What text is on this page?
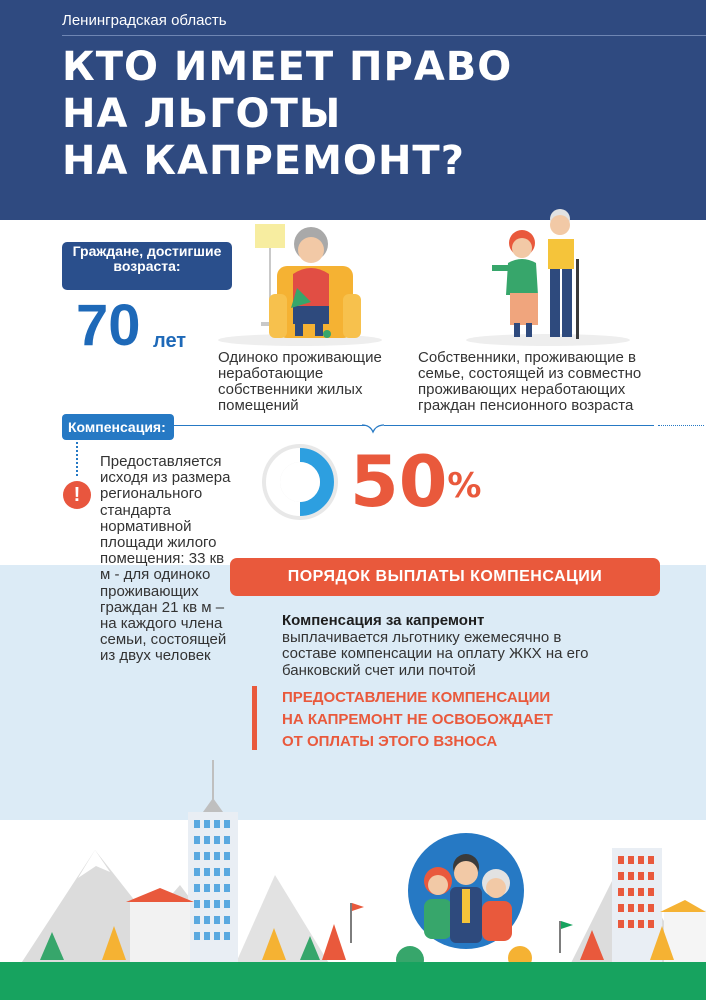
Ленинградская область
КТО ИМЕЕТ ПРАВО
НА ЛЬГОТЫ
НА КАПРЕМОНТ?
Граждане, достигшие возраста:
70 лет
Одиноко проживающие неработающие собственники жилых помещений
Собственники, проживающие в семье, состоящей из совместно проживающих неработающих граждан пенсионного возраста
Компенсация:
!
Предоставляется исходя из размера регионального стандарта нормативной площади жилого помещения: 33 кв м - для одиноко проживающих граждан 21 кв м – на каждого члена семьи, состоящей из двух человек
50%
ПОРЯДОК ВЫПЛАТЫ КОМПЕНСАЦИИ
Компенсация за капремонт
выплачивается льготнику ежемесячно в составе компенсации на оплату ЖКХ на его банковский счет или почтой
ПРЕДОСТАВЛЕНИЕ КОМПЕНСАЦИИ
НА КАПРЕМОНТ НЕ ОСВОБОЖДАЕТ
ОТ ОПЛАТЫ ЭТОГО ВЗНОСА
